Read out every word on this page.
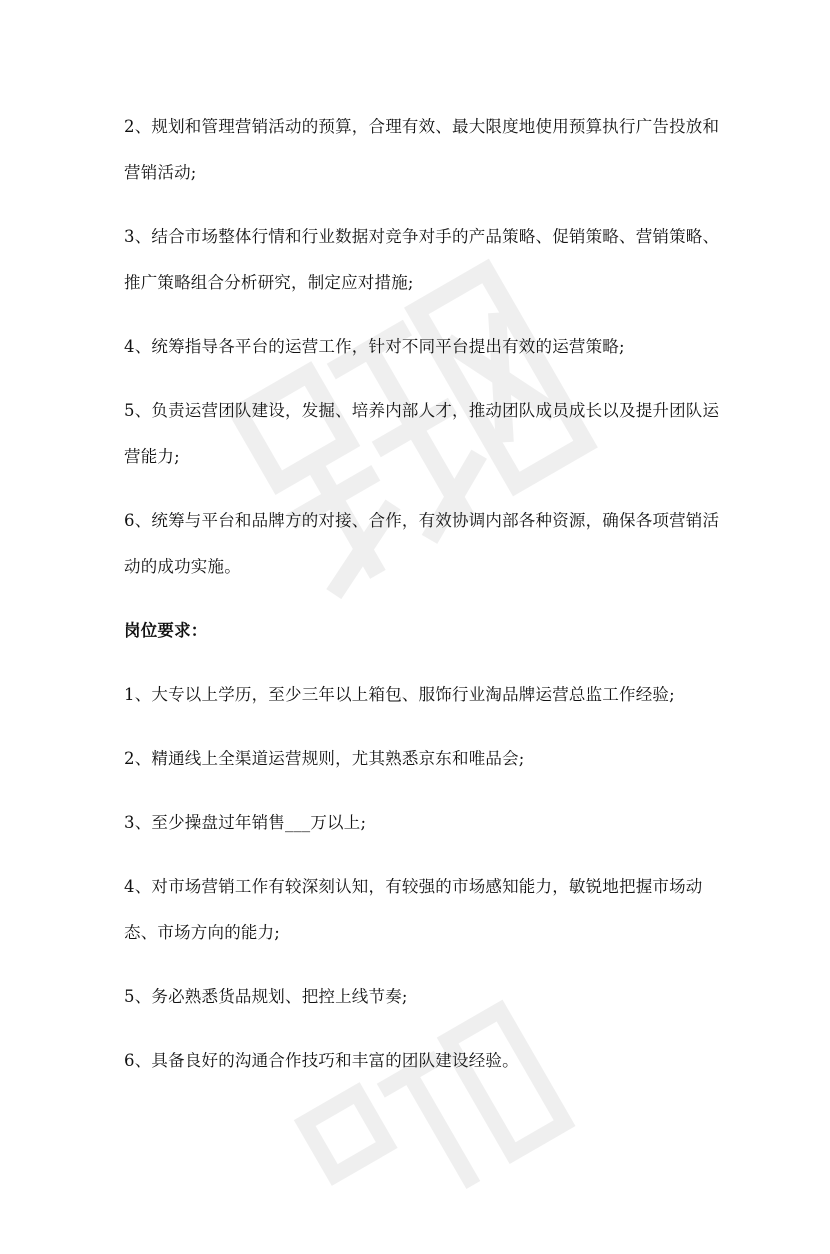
2、规划和管理营销活动的预算，合理有效、最大限度地使用预算执行广告投放和营销活动;

3、结合市场整体行情和行业数据对竞争对手的产品策略、促销策略、营销策略、推广策略组合分析研究，制定应对措施;

4、统筹指导各平台的运营工作，针对不同平台提出有效的运营策略;

5、负责运营团队建设，发掘、培养内部人才，推动团队成员成长以及提升团队运营能力;

6、统筹与平台和品牌方的对接、合作，有效协调内部各种资源，确保各项营销活动的成功实施。

岗位要求：

1、大专以上学历，至少三年以上箱包、服饰行业淘品牌运营总监工作经验;

2、精通线上全渠道运营规则，尤其熟悉京东和唯品会;

3、至少操盘过年销售___万以上;

4、对市场营销工作有较深刻认知，有较强的市场感知能力，敏锐地把握市场动态、市场方向的能力;

5、务必熟悉货品规划、把控上线节奏;

6、具备良好的沟通合作技巧和丰富的团队建设经验。
